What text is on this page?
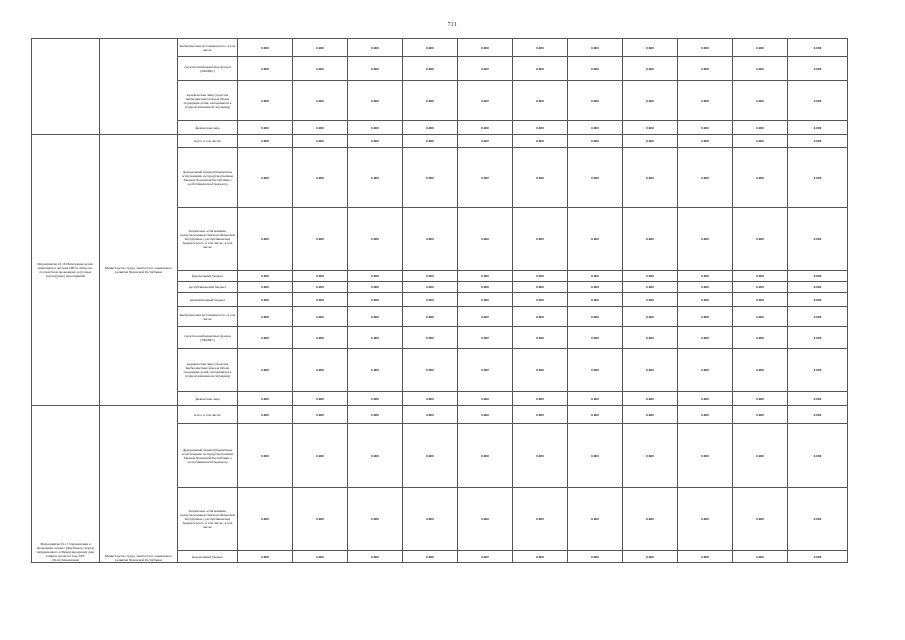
711
		внебюджетные источники всего, в том числе:	0.000	0.000	0.000	0.000	0.000	0.000	0.000	0.000	0.000	0.000	0.000
		средства внебюджетных фондов (ТФОМС)	0.000	0.000	0.000	0.000	0.000	0.000	0.000	0.000	0.000	0.000	0.000
		юридические лица (средства внебюджетных фондов (Фонд поддержки детей, находящихся в трудной жизненной ситуации))	0.000	0.000	0.000	0.000	0.000	0.000	0.000	0.000	0.000	0.000	0.000
		физические лица	0.000	0.000	0.000	0.000	0.000	0.000	0.000	0.000	0.000	0.000	0.000
Мероприятие 01.16 Интеграция детей-инвалидов в детских ОВЗ в общество посредством проведения досуговых (культурных) мероприятий	Министерство труда, занятости и социального развития Чеченской Республики	всего, в том числе:	0.000	0.000	0.000	0.000	0.000	0.000	0.000	0.000	0.000	0.000	0.000
		федеральный бюджет(бюджетные ассигнования, не предусмотренные Законом Чеченской Республики о республиканском бюджете)	0.000	0.000	0.000	0.000	0.000	0.000	0.000	0.000	0.000	0.000	0.000
		бюджетные ассигнования, предусмотренные Законом Чеченской Республики о республиканском бюджете всего, в том числе:, в том числе:	0.000	0.000	0.000	0.000	0.000	0.000	0.000	0.000	0.000	0.000	0.000
		федеральный бюджет	0.000	0.000	0.000	0.000	0.000	0.000	0.000	0.000	0.000	0.000	0.000
		республиканский бюджет	0.000	0.000	0.000	0.000	0.000	0.000	0.000	0.000	0.000	0.000	0.000
		муниципальный бюджет	0.000	0.000	0.000	0.000	0.000	0.000	0.000	0.000	0.000	0.000	0.000
		внебюджетные источники всего, в том числе:	0.000	0.000	0.000	0.000	0.000	0.000	0.000	0.000	0.000	0.000	0.000
		средства внебюджетных фондов (ТФОМС)	0.000	0.000	0.000	0.000	0.000	0.000	0.000	0.000	0.000	0.000	0.000
		юридические лица (средства внебюджетных фондов (Фонд поддержки детей, находящихся в трудной жизненной ситуации))	0.000	0.000	0.000	0.000	0.000	0.000	0.000	0.000	0.000	0.000	0.000
		физические лица	0.000	0.000	0.000	0.000	0.000	0.000	0.000	0.000	0.000	0.000	0.000
Мероприятие 01.17 Организация и проведение летнего (Фестиваль спорта) направленного к Международному дню защиты детей, на базе ГКУ (Республиканский	Министерство труда, занятости и социального развития Чеченской Республики	всего, в том числе:	0.000	0.000	0.000	0.000	0.000	0.000	0.000	0.000	0.000	0.000	0.000
		федеральный бюджет(бюджетные ассигнования, не предусмотренные Законом Чеченской Республики о республиканском бюджете)	0.000	0.000	0.000	0.000	0.000	0.000	0.000	0.000	0.000	0.000	0.000
		бюджетные ассигнования, предусмотренные Законом Чеченской Республики о республиканском бюджете всего, в том числе:, в том числе:	0.000	0.000	0.000	0.000	0.000	0.000	0.000	0.000	0.000	0.000	0.000
		федеральный бюджет	0.000	0.000	0.000	0.000	0.000	0.000	0.000	0.000	0.000	0.000	0.000
